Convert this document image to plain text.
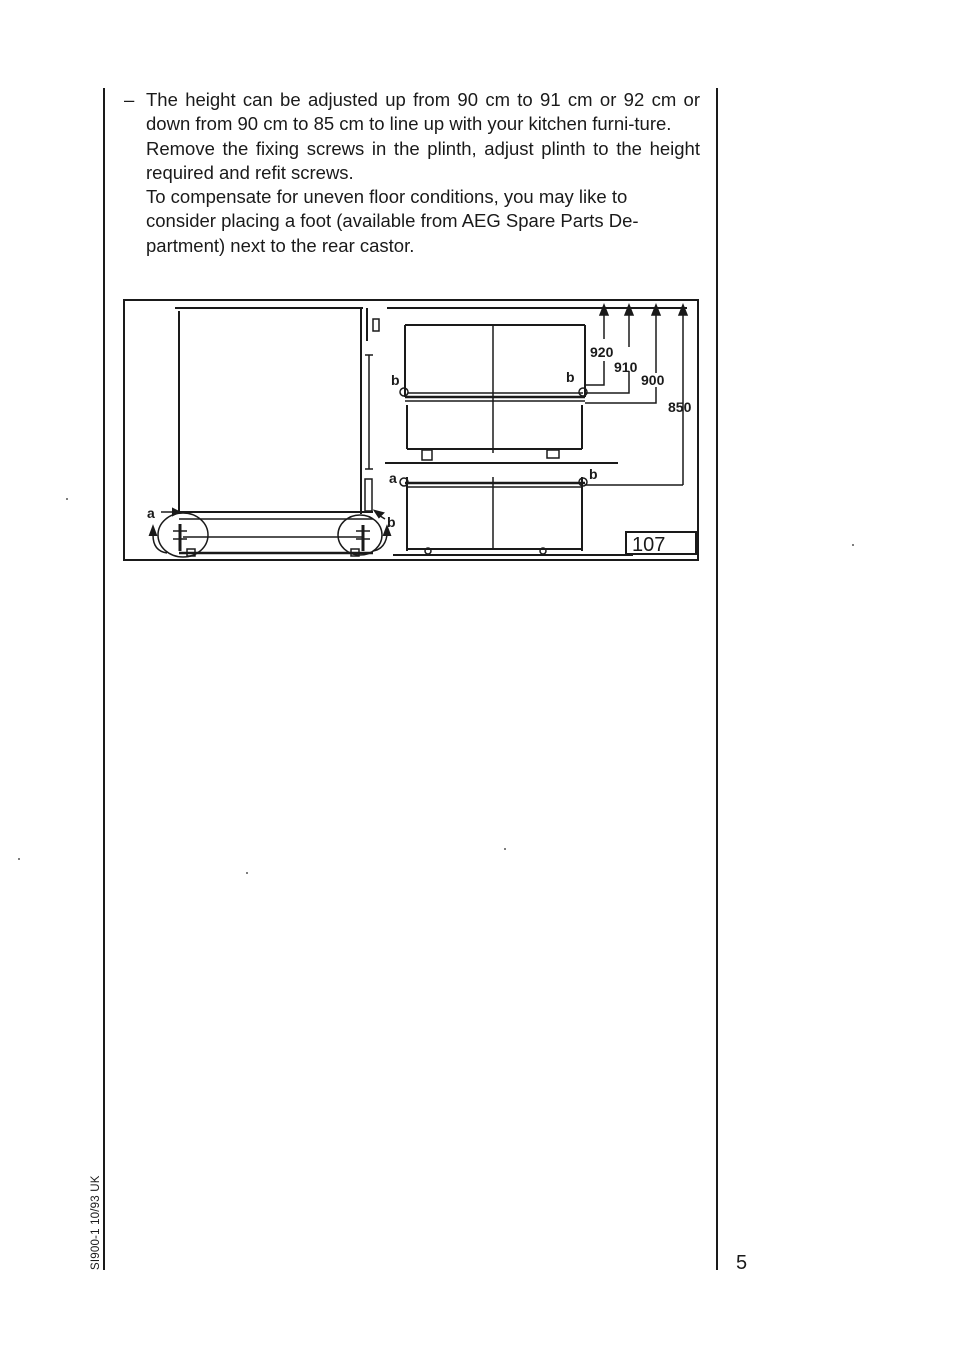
– The height can be adjusted up from 90 cm to 91 cm or 92 cm or down from 90 cm to 85 cm to line up with your kitchen furni-ture.

Remove the fixing screws in the plinth, adjust plinth to the height required and refit screws.

To compensate for uneven floor conditions, you may like to consider placing a foot (available from AEG Spare Parts De-partment) next to the rear castor.

a
b
b	b
a	b
920
910
900
850
107
SI900-1 10/93 UK	5
